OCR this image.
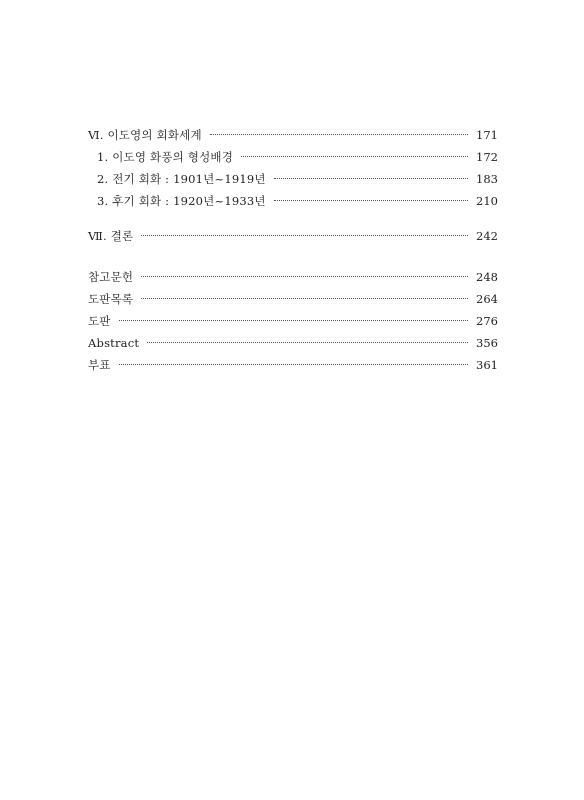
Ⅵ. 이도영의 회화세계	171
1. 이도영 화풍의 형성배경	172
2. 전기 회화 : 1901년~1919년	183
3. 후기 회화 : 1920년~1933년	210
Ⅶ. 결론	242
참고문헌	248
도판목록	264
도판	276
Abstract	356
부표	361
